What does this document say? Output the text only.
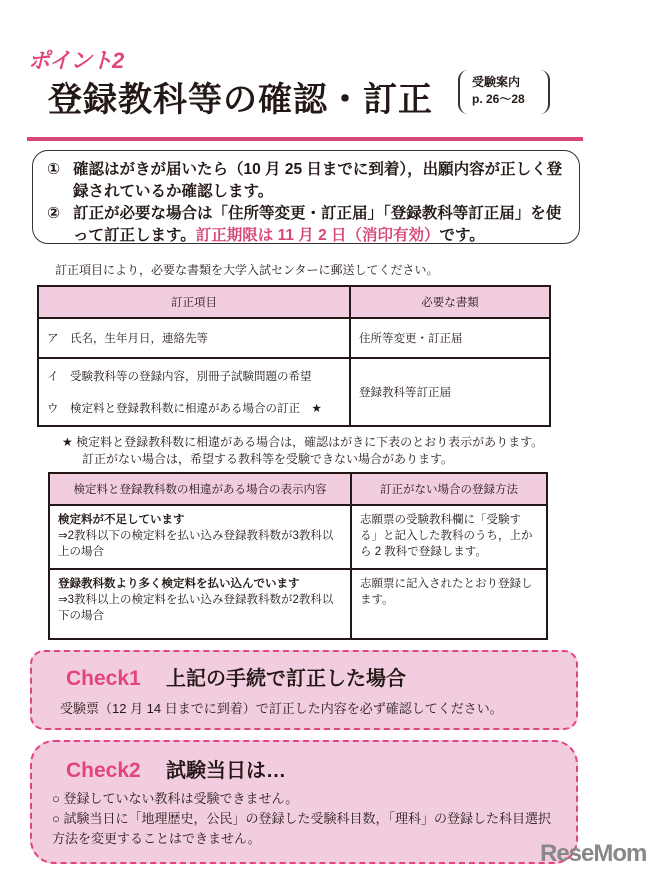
ポイント2
登録教科等の確認・訂正	受験案内
p. 26〜28
① 確認はがきが届いたら（10 月 25 日までに到着），出願内容が正しく登録されているか確認します。
② 訂正が必要な場合は「住所等変更・訂正届」「登録教科等訂正届」を使って訂正します。訂正期限は 11 月 2 日（消印有効）です。
訂正項目により，必要な書類を大学入試センターに郵送してください。
訂正項目	必要な書類
ア　氏名，生年月日，連絡先等	住所等変更・訂正届

イ　受験教科等の登録内容，別冊子試験問題の希望
ウ　検定料と登録教科数に相違がある場合の訂正　★	登録教科等訂正届
★ 検定料と登録教科数に相違がある場合は，確認はがきに下表のとおり表示があります。
訂正がない場合は，希望する教科等を受験できない場合があります。
検定料と登録教科数の相違がある場合の表示内容	訂正がない場合の登録方法

検定料が不足しています
⇒2教科以下の検定料を払い込み登録教科数が3教科以上の場合	志願票の受験教科欄に「受験する」と記入した教科のうち，上から 2 教科で登録します。

登録教科数より多く検定料を払い込んでいます
⇒3教科以上の検定料を払い込み登録教科数が2教科以下の場合	志願票に記入されたとおり登録します。
Check1 上記の手続で訂正した場合
受験票（12 月 14 日までに到着）で訂正した内容を必ず確認してください。
Check2 試験当日は…
○ 登録していない教科は受験できません。
○ 試験当日に「地理歴史，公民」の登録した受験科目数，「理科」の登録した科目選択方法を変更することはできません。
ReseMom
